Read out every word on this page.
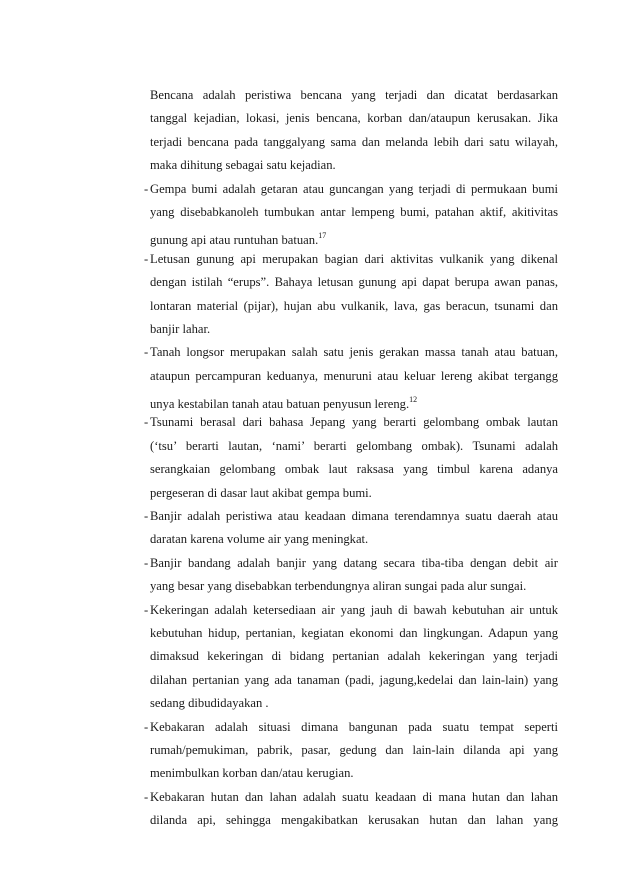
Bencana adalah peristiwa bencana yang terjadi dan dicatat berdasarkan
tanggal kejadian, lokasi, jenis bencana, korban dan/ataupun kerusakan. Jika
terjadi bencana pada tanggalyang sama dan melanda lebih dari satu wilayah,
maka dihitung sebagai satu kejadian.
- Gempa bumi adalah getaran atau guncangan yang terjadi di permukaan bumi
yang disebabkanoleh tumbukan antar lempeng bumi, patahan aktif, akitivitas
gunung api atau runtuhan batuan.$^{17}$
- Letusan gunung api merupakan bagian dari aktivitas vulkanik yang dikenal
dengan istilah “erups”. Bahaya letusan gunung api dapat berupa awan panas,
lontaran material (pijar), hujan abu vulkanik, lava, gas beracun, tsunami dan
banjir lahar.
- Tanah longsor merupakan salah satu jenis gerakan massa tanah atau batuan,
ataupun percampuran keduanya, menuruni atau keluar lereng akibat tergangg
unya kestabilan tanah atau batuan penyusun lereng.$^{12}$
- Tsunami berasal dari bahasa Jepang yang berarti gelombang ombak lautan
(‘tsu’ berarti lautan, ‘nami’ berarti gelombang ombak). Tsunami adalah
serangkaian gelombang ombak laut raksasa yang timbul karena adanya
pergeseran di dasar laut akibat gempa bumi.
- Banjir adalah peristiwa atau keadaan dimana terendamnya suatu daerah atau
daratan karena volume air yang meningkat.
- Banjir bandang adalah banjir yang datang secara tiba-tiba dengan debit air
yang besar yang disebabkan terbendungnya aliran sungai pada alur sungai.
- Kekeringan adalah ketersediaan air yang jauh di bawah kebutuhan air untuk
kebutuhan hidup, pertanian, kegiatan ekonomi dan lingkungan. Adapun yang
dimaksud kekeringan di bidang pertanian adalah kekeringan yang terjadi
dilahan pertanian yang ada tanaman (padi, jagung,kedelai dan lain-lain) yang
sedang dibudidayakan .
- Kebakaran adalah situasi dimana bangunan pada suatu tempat seperti
rumah/pemukiman, pabrik, pasar, gedung dan lain-lain dilanda api yang
menimbulkan korban dan/atau kerugian.
- Kebakaran hutan dan lahan adalah suatu keadaan di mana hutan dan lahan
dilanda api, sehingga mengakibatkan kerusakan hutan dan lahan yang
